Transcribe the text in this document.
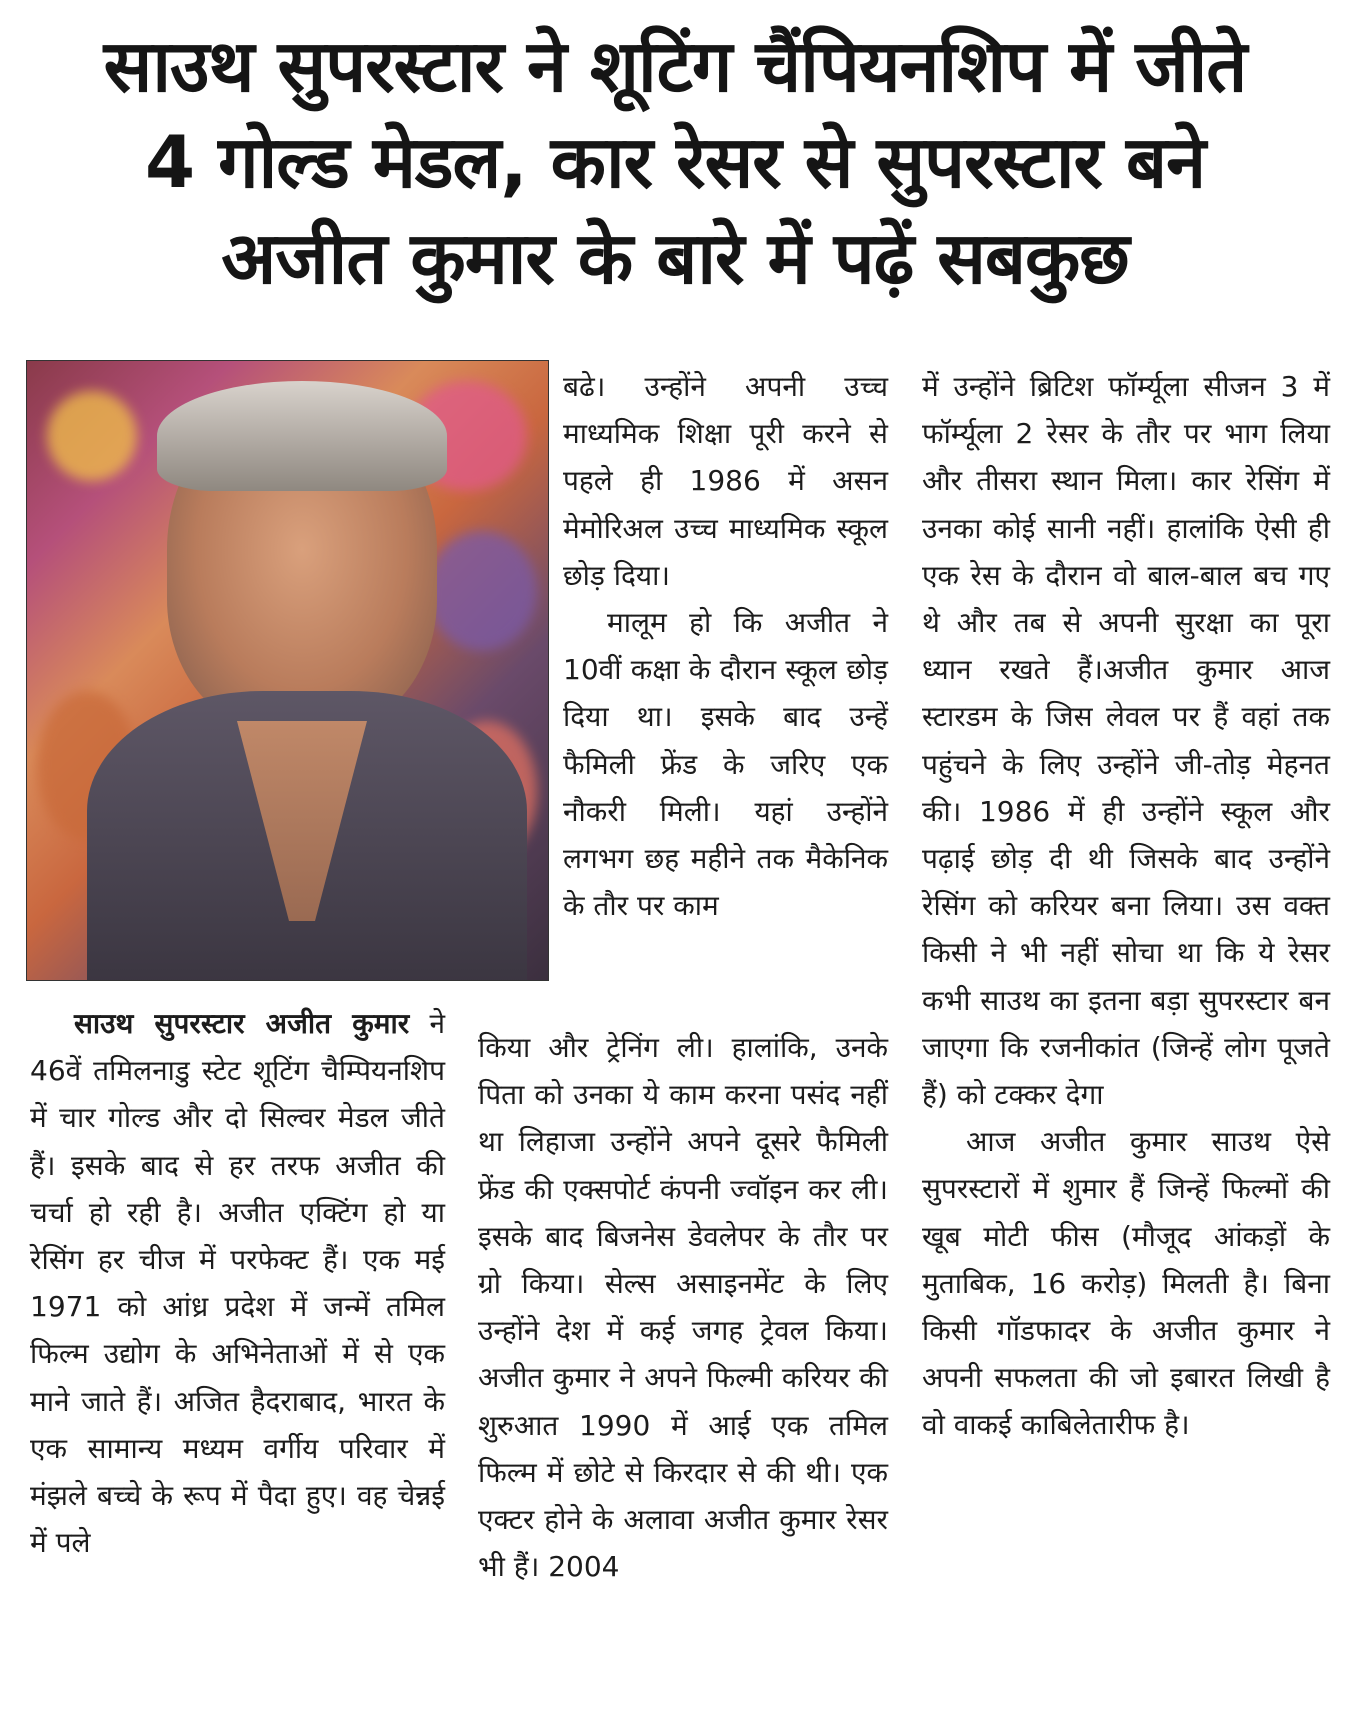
साउथ सुपरस्टार ने शूटिंग चैंपियनशिप में जीते
4 गोल्ड मेडल, कार रेसर से सुपरस्टार बने
अजीत कुमार के बारे में पढ़ें सबकुछ

साउथ सुपरस्टार अजीत कुमार ने 46वें तमिलनाडु स्टेट शूटिंग चैम्पियनशिप में चार गोल्ड और दो सिल्वर मेडल जीते हैं। इसके बाद से हर तरफ अजीत की चर्चा हो रही है। अजीत एक्टिंग हो या रेसिंग हर चीज में परफेक्ट हैं। एक मई 1971 को आंध्र प्रदेश में जन्में तमिल फिल्म उद्योग के अभिनेताओं में से एक माने जाते हैं। अजित हैदराबाद, भारत के एक सामान्य मध्यम वर्गीय परिवार में मंझले बच्चे के रूप में पैदा हुए। वह चेन्नई में पले

बढे। उन्होंने अपनी उच्च माध्यमिक शिक्षा पूरी करने से पहले ही 1986 में असन मेमोरिअल उच्च माध्यमिक स्कूल छोड़ दिया।

मालूम हो कि अजीत ने 10वीं कक्षा के दौरान स्कूल छोड़ दिया था। इसके बाद उन्हें फैमिली फ्रेंड के जरिए एक नौकरी मिली। यहां उन्होंने लगभग छह महीने तक मैकेनिक के तौर पर काम

किया और ट्रेनिंग ली। हालांकि, उनके पिता को उनका ये काम करना पसंद नहीं था लिहाजा उन्होंने अपने दूसरे फैमिली फ्रेंड की एक्सपोर्ट कंपनी ज्वॉइन कर ली। इसके बाद बिजनेस डेवलेपर के तौर पर ग्रो किया। सेल्स असाइनमेंट के लिए उन्होंने देश में कई जगह ट्रेवल किया। अजीत कुमार ने अपने फिल्मी करियर की शुरुआत 1990 में आई एक तमिल फिल्म में छोटे से किरदार से की थी। एक एक्टर होने के अलावा अजीत कुमार रेसर भी हैं। 2004

में उन्होंने ब्रिटिश फॉर्म्यूला सीजन 3 में फॉर्म्यूला 2 रेसर के तौर पर भाग लिया और तीसरा स्थान मिला। कार रेसिंग में उनका कोई सानी नहीं। हालांकि ऐसी ही एक रेस के दौरान वो बाल-बाल बच गए थे और तब से अपनी सुरक्षा का पूरा ध्यान रखते हैं।अजीत कुमार आज स्टारडम के जिस लेवल पर हैं वहां तक पहुंचने के लिए उन्होंने जी-तोड़ मेहनत की। 1986 में ही उन्होंने स्कूल और पढ़ाई छोड़ दी थी जिसके बाद उन्होंने रेसिंग को करियर बना लिया। उस वक्त किसी ने भी नहीं सोचा था कि ये रेसर कभी साउथ का इतना बड़ा सुपरस्टार बन जाएगा कि रजनीकांत (जिन्हें लोग पूजते हैं) को टक्कर देगा

आज अजीत कुमार साउथ ऐसे सुपरस्टारों में शुमार हैं जिन्हें फिल्मों की खूब मोटी फीस (मौजूद आंकड़ों के मुताबिक, 16 करोड़) मिलती है। बिना किसी गॉडफादर के अजीत कुमार ने अपनी सफलता की जो इबारत लिखी है वो वाकई काबिलेतारीफ है।
